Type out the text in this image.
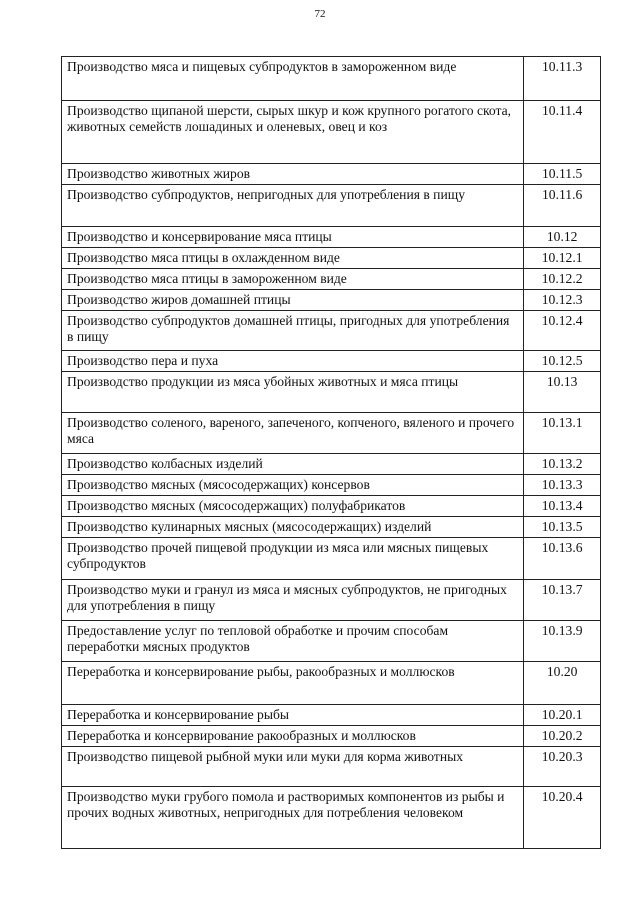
72
Производство мяса и пищевых субпродуктов в замороженном виде	10.11.3
Производство щипаной шерсти, сырых шкур и кож крупного рогатого скота, животных семейств лошадиных и оленевых, овец и коз	10.11.4
Производство животных жиров	10.11.5
Производство субпродуктов, непригодных для употребления в пищу	10.11.6
Производство и консервирование мяса птицы	10.12
Производство мяса птицы в охлажденном виде	10.12.1
Производство мяса птицы в замороженном виде	10.12.2
Производство жиров домашней птицы	10.12.3
Производство субпродуктов домашней птицы, пригодных для употребления в пищу	10.12.4
Производство пера и пуха	10.12.5
Производство продукции из мяса убойных животных и мяса птицы	10.13
Производство соленого, вареного, запеченого, копченого, вяленого и прочего мяса	10.13.1
Производство колбасных изделий	10.13.2
Производство мясных (мясосодержащих) консервов	10.13.3
Производство мясных (мясосодержащих) полуфабрикатов	10.13.4
Производство кулинарных мясных (мясосодержащих) изделий	10.13.5
Производство прочей пищевой продукции из мяса или мясных пищевых субпродуктов	10.13.6
Производство муки и гранул из мяса и мясных субпродуктов, не пригодных для употребления в пищу	10.13.7
Предоставление услуг по тепловой обработке и прочим способам переработки мясных продуктов	10.13.9
Переработка и консервирование рыбы, ракообразных и моллюсков	10.20
Переработка и консервирование рыбы	10.20.1
Переработка и консервирование ракообразных и моллюсков	10.20.2
Производство пищевой рыбной муки или муки для корма животных	10.20.3
Производство муки грубого помола и растворимых компонентов из рыбы и прочих водных животных, непригодных для потребления человеком	10.20.4
